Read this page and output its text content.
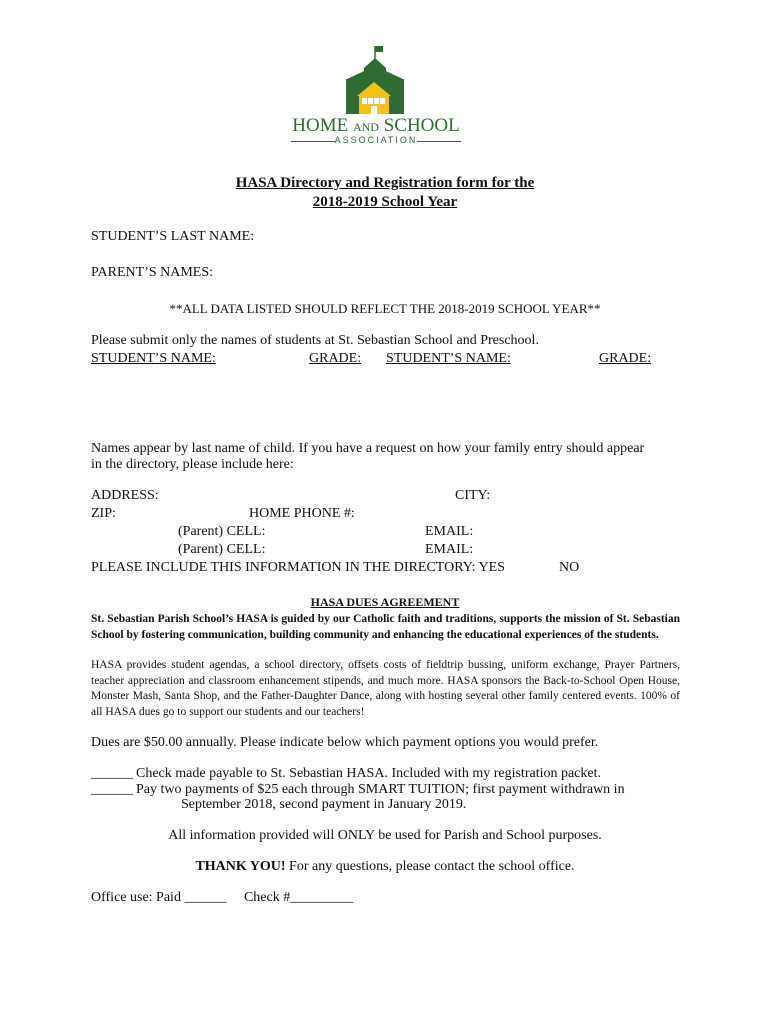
HOME AND SCHOOL
ASSOCIATION
HASA Directory and Registration form for the
2018-2019 School Year
STUDENT’S LAST NAME:
PARENT’S NAMES:
**ALL DATA LISTED SHOULD REFLECT THE 2018-2019 SCHOOL YEAR**
Please submit only the names of students at St. Sebastian School and Preschool.
STUDENT’S NAME:	GRADE: STUDENT’S NAME:	GRADE:
Names appear by last name of child. If you have a request on how your family entry should appear
in the directory, please include here:
ADDRESS:	CITY:
ZIP:	HOME PHONE #:
(Parent) CELL:	EMAIL:
(Parent) CELL:	EMAIL:
PLEASE INCLUDE THIS INFORMATION IN THE DIRECTORY: YES	NO
HASA DUES AGREEMENT
St. Sebastian Parish School’s HASA is guided by our Catholic faith and traditions, supports the mission of St. Sebastian School by fostering communication, building community and enhancing the educational experiences of the students.
HASA provides student agendas, a school directory, offsets costs of fieldtrip bussing, uniform exchange, Prayer Partners, teacher appreciation and classroom enhancement stipends, and much more. HASA sponsors the Back-to-School Open House, Monster Mash, Santa Shop, and the Father-Daughter Dance, along with hosting several other family centered events. 100% of all HASA dues go to support our students and our teachers!
Dues are $50.00 annually. Please indicate below which payment options you would prefer.
______ Check made payable to St. Sebastian HASA. Included with my registration packet.
______ Pay two payments of $25 each through SMART TUITION; first payment withdrawn in
September 2018, second payment in January 2019.
All information provided will ONLY be used for Parish and School purposes.
THANK YOU! For any questions, please contact the school office.
Office use: Paid ______     Check #_________
